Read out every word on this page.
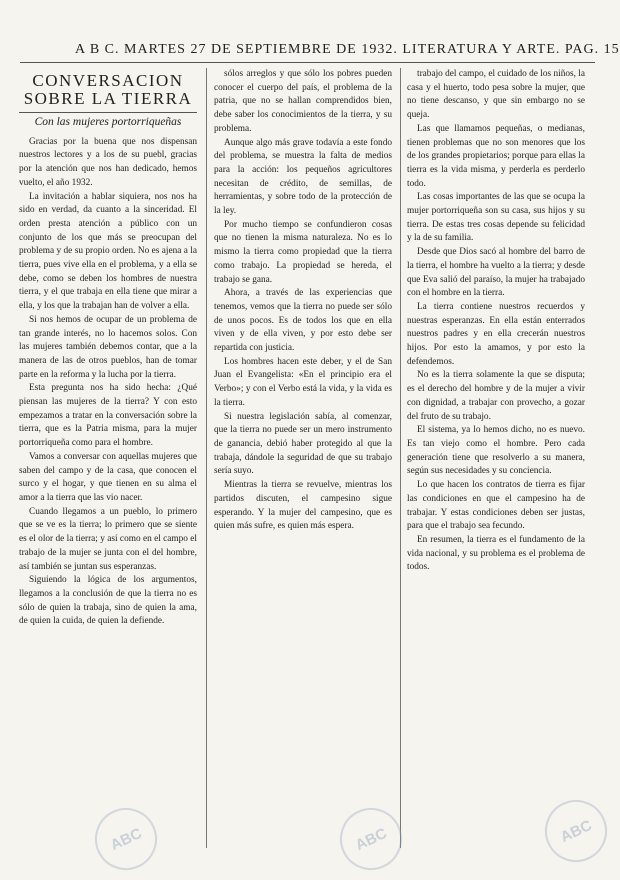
A B C. MARTES 27 DE SEPTIEMBRE DE 1932. LITERATURA Y ARTE. PAG. 15
CONVERSACION SOBRE LA TIERRA
Con las mujeres portorriqueñas

Gracias por la buena que nos dispensan nuestros lectores y a los de su puebl, gracias por la atención que nos han dedicado, hemos vuelto, el año 1932.

La invitación a hablar siquiera, nos nos ha sido en verdad, da cuanto a la sinceridad. El orden presta atención a público con un conjunto de los que más se preocupan del problema y de su propio orden. No es ajena a la tierra, pues vive ella en el problema, y a ella se debe, como se deben los hombres de nuestra tierra, y el que trabaja en ella tiene que mirar a ella, y los que la trabajan han de volver a ella.

Si nos hemos de ocupar de un problema de tan grande interés, no lo hacemos solos. Con las mujeres también debemos contar, que a la manera de las de otros pueblos, han de tomar parte en la reforma y la lucha por la tierra.

Esta pregunta nos ha sido hecha: ¿Qué piensan las mujeres de la tierra? Y con esto empezamos a tratar en la conversación sobre la tierra, que es la Patria misma, para la mujer portorriqueña como para el hombre.

Vamos a conversar con aquellas mujeres que saben del campo y de la casa, que conocen el surco y el hogar, y que tienen en su alma el amor a la tierra que las vio nacer.

Cuando llegamos a un pueblo, lo primero que se ve es la tierra; lo primero que se siente es el olor de la tierra; y así como en el campo el trabajo de la mujer se junta con el del hombre, así también se juntan sus esperanzas.

Siguiendo la lógica de los argumentos, llegamos a la conclusión de que la tierra no es sólo de quien la trabaja, sino de quien la ama, de quien la cuida, de quien la defiende.

sólos arreglos y que sólo los pobres pueden conocer el cuerpo del país, el problema de la patria, que no se hallan comprendidos bien, debe saber los conocimientos de la tierra, y su problema.

Aunque algo más grave todavía a este fondo del problema, se muestra la falta de medios para la acción: los pequeños agricultores necesitan de crédito, de semillas, de herramientas, y sobre todo de la protección de la ley.

Por mucho tiempo se confundieron cosas que no tienen la misma naturaleza. No es lo mismo la tierra como propiedad que la tierra como trabajo. La propiedad se hereda, el trabajo se gana.

Ahora, a través de las experiencias que tenemos, vemos que la tierra no puede ser sólo de unos pocos. Es de todos los que en ella viven y de ella viven, y por esto debe ser repartida con justicia.

Los hombres hacen este deber, y el de San Juan el Evangelista: «En el principio era el Verbo»; y con el Verbo está la vida, y la vida es la tierra.

Si nuestra legislación sabía, al comenzar, que la tierra no puede ser un mero instrumento de ganancia, debió haber protegido al que la trabaja, dándole la seguridad de que su trabajo sería suyo.

Mientras la tierra se revuelve, mientras los partidos discuten, el campesino sigue esperando. Y la mujer del campesino, que es quien más sufre, es quien más espera.

trabajo del campo, el cuidado de los niños, la casa y el huerto, todo pesa sobre la mujer, que no tiene descanso, y que sin embargo no se queja.

Las que llamamos pequeñas, o medianas, tienen problemas que no son menores que los de los grandes propietarios; porque para ellas la tierra es la vida misma, y perderla es perderlo todo.

Las cosas importantes de las que se ocupa la mujer portorriqueña son su casa, sus hijos y su tierra. De estas tres cosas depende su felicidad y la de su familia.

Desde que Dios sacó al hombre del barro de la tierra, el hombre ha vuelto a la tierra; y desde que Eva salió del paraíso, la mujer ha trabajado con el hombre en la tierra.

La tierra contiene nuestros recuerdos y nuestras esperanzas. En ella están enterrados nuestros padres y en ella crecerán nuestros hijos. Por esto la amamos, y por esto la defendemos.

No es la tierra solamente la que se disputa; es el derecho del hombre y de la mujer a vivir con dignidad, a trabajar con provecho, a gozar del fruto de su trabajo.

El sistema, ya lo hemos dicho, no es nuevo. Es tan viejo como el hombre. Pero cada generación tiene que resolverlo a su manera, según sus necesidades y su conciencia.

Lo que hacen los contratos de tierra es fijar las condiciones en que el campesino ha de trabajar. Y estas condiciones deben ser justas, para que el trabajo sea fecundo.

En resumen, la tierra es el fundamento de la vida nacional, y su problema es el problema de todos.

ABC	ABC	ABC
